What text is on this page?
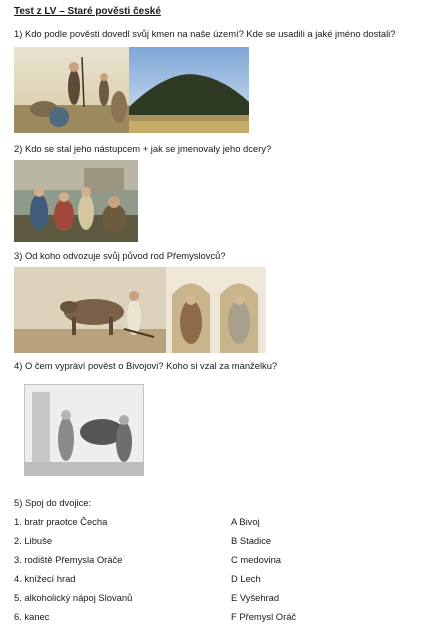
Test z LV – Staré pověsti české
1) Kdo podle pověsti dovedl svůj kmen na naše území? Kde se usadili a jaké jméno dostali?
2) Kdo se stal jeho nástupcem + jak se jmenovaly jeho dcery?
3) Od koho odvozuje svůj původ rod Přemyslovců?
4) O čem vypráví pověst o Bivojovi? Koho si vzal za manželku?
5) Spoj do dvojice:
1. bratr praotce Čecha
2. Libuše
3. rodiště Přemysla Oráče
4. knížecí hrad
5. alkoholický nápoj Slovanů
6. kanec
A Bivoj
B Stadice
C medovina
D Lech
E Vyšehrad
F Přemysl Oráč
